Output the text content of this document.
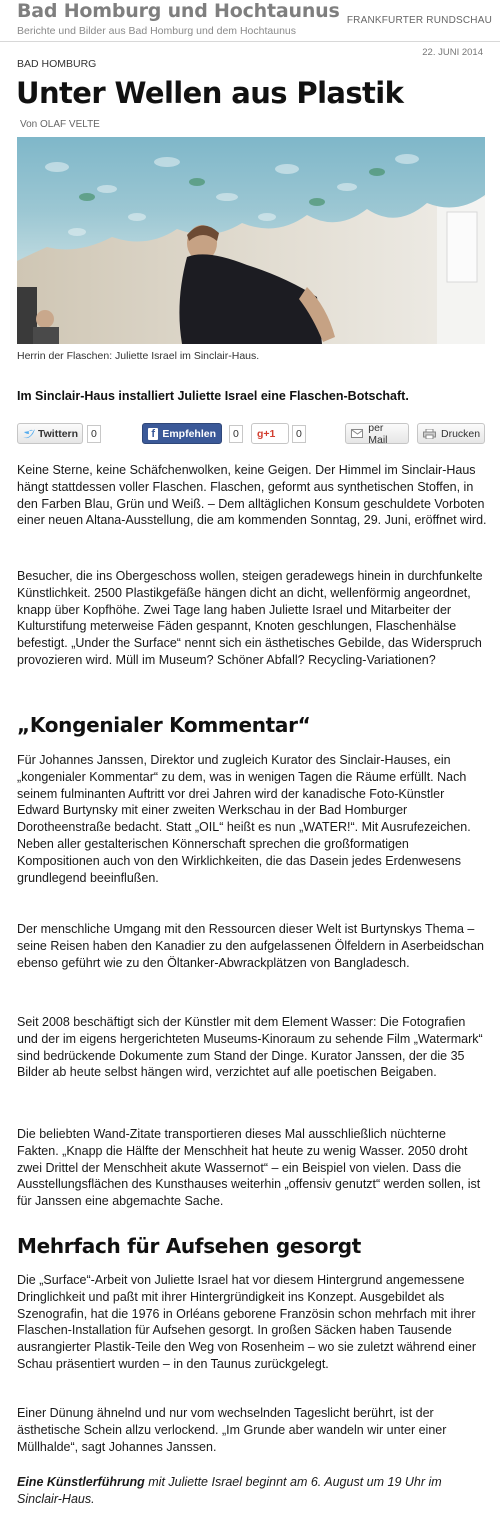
Bad Homburg und Hochtaunus
Berichte und Bilder aus Bad Homburg und dem Hochtaunus
FRANKFURTER RUNDSCHAU
22. JUNI 2014
BAD HOMBURG
Unter Wellen aus Plastik
Von OLAF VELTE
Herrin der Flaschen: Juliette Israel im Sinclair-Haus.
Im Sinclair-Haus installiert Juliette Israel eine Flaschen-Botschaft.
Twittern	0	f Empfehlen	0	g+1	0
per Mail	Drucken

Keine Sterne, keine Schäfchenwolken, keine Geigen. Der Himmel im Sinclair-Haus hängt stattdessen voller Flaschen. Flaschen, geformt aus synthetischen Stoffen, in den Farben Blau, Grün und Weiß. – Dem alltäglichen Konsum geschuldete Vorboten einer neuen Altana-Ausstellung, die am kommenden Sonntag, 29. Juni, eröffnet wird.

Besucher, die ins Obergeschoss wollen, steigen geradewegs hinein in durchfunkelte Künstlichkeit. 2500 Plastikgefäße hängen dicht an dicht, wellenförmig angeordnet, knapp über Kopfhöhe. Zwei Tage lang haben Juliette Israel und Mitarbeiter der Kulturstifung meterweise Fäden gespannt, Knoten geschlungen, Flaschenhälse befestigt. „Under the Surface“ nennt sich ein ästhetisches Gebilde, das Widerspruch provozieren wird. Müll im Museum? Schöner Abfall? Recycling-Variationen?

„Kongenialer Kommentar“

Für Johannes Janssen, Direktor und zugleich Kurator des Sinclair-Hauses, ein „kongenialer Kommentar“ zu dem, was in wenigen Tagen die Räume erfüllt. Nach seinem fulminanten Auftritt vor drei Jahren wird der kanadische Foto-Künstler Edward Burtynsky mit einer zweiten Werkschau in der Bad Homburger Dorotheenstraße bedacht. Statt „OIL“ heißt es nun „WATER!“. Mit Ausrufezeichen. Neben aller gestalterischen Könnerschaft sprechen die großformatigen Kompositionen auch von den Wirklichkeiten, die das Dasein jedes Erdenwesens grundlegend beeinflußen.

Der menschliche Umgang mit den Ressourcen dieser Welt ist Burtynskys Thema – seine Reisen haben den Kanadier zu den aufgelassenen Ölfeldern in Aserbeidschan ebenso geführt wie zu den Öltanker-Abwrackplätzen von Bangladesch.

Seit 2008 beschäftigt sich der Künstler mit dem Element Wasser: Die Fotografien und der im eigens hergerichteten Museums-Kinoraum zu sehende Film „Watermark“ sind bedrückende Dokumente zum Stand der Dinge. Kurator Janssen, der die 35 Bilder ab heute selbst hängen wird, verzichtet auf alle poetischen Beigaben.

Die beliebten Wand-Zitate transportieren dieses Mal ausschließlich nüchterne Fakten. „Knapp die Hälfte der Menschheit hat heute zu wenig Wasser. 2050 droht zwei Drittel der Menschheit akute Wassernot“ – ein Beispiel von vielen. Dass die Ausstellungsflächen des Kunsthauses weiterhin „offensiv genutzt“ werden sollen, ist für Janssen eine abgemachte Sache.

Mehrfach für Aufsehen gesorgt

Die „Surface“-Arbeit von Juliette Israel hat vor diesem Hintergrund angemessene Dringlichkeit und paßt mit ihrer Hintergründigkeit ins Konzept. Ausgebildet als Szenografin, hat die 1976 in Orléans geborene Französin schon mehrfach mit ihrer Flaschen-Installation für Aufsehen gesorgt. In großen Säcken haben Tausende ausrangierter Plastik-Teile den Weg von Rosenheim – wo sie zuletzt während einer Schau präsentiert wurden – in den Taunus zurückgelegt.

Einer Dünung ähnelnd und nur vom wechselnden Tageslicht berührt, ist der ästhetische Schein allzu verlockend. „Im Grunde aber wandeln wir unter einer Müllhalde“, sagt Johannes Janssen.

Eine Künstlerführung mit Juliette Israel beginnt am 6. August um 19 Uhr im Sinclair-Haus.
